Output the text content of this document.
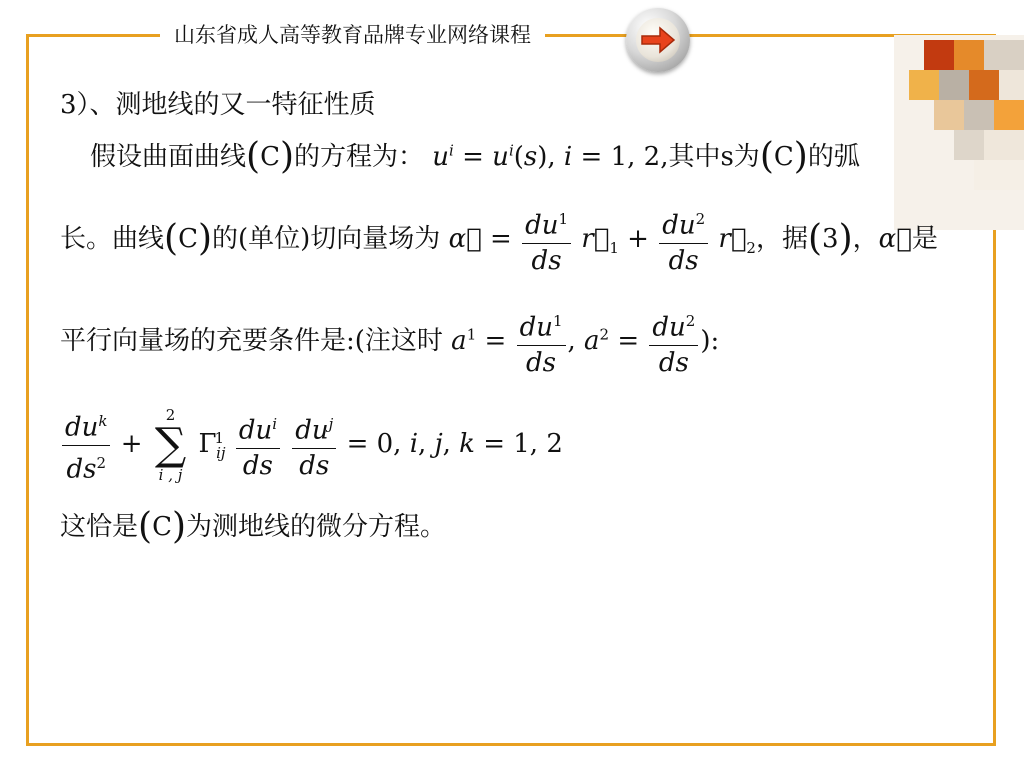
山东省成人高等教育品牌专业网络课程
3）、测地线的又一特征性质
假设曲面曲线(C)的方程为： $u^i = u^i(s)$, i = 1, 2,其中s为(C)的弧
长。曲线(C)的(单位)切向量场为 α⃗ = $\frac{du^1}{ds}$ $r⃗_1 + \frac{du^2}{ds}$ $r⃗_2$，据(3)，α⃗是
平行向量场的充要条件是:(注这时 $a^1 = \frac{du^1}{ds}$ , $a^2 = \frac{du^2}{ds}$ ):
$\frac{du^k}{ds^2}$ +
2
∑
i , j
$\Gamma^1_{ij} \frac{du^i}{ds}$
$\frac{du^j}{ds} = 0$, i, j, k = 1, 2
这恰是(C)为测地线的微分方程。
